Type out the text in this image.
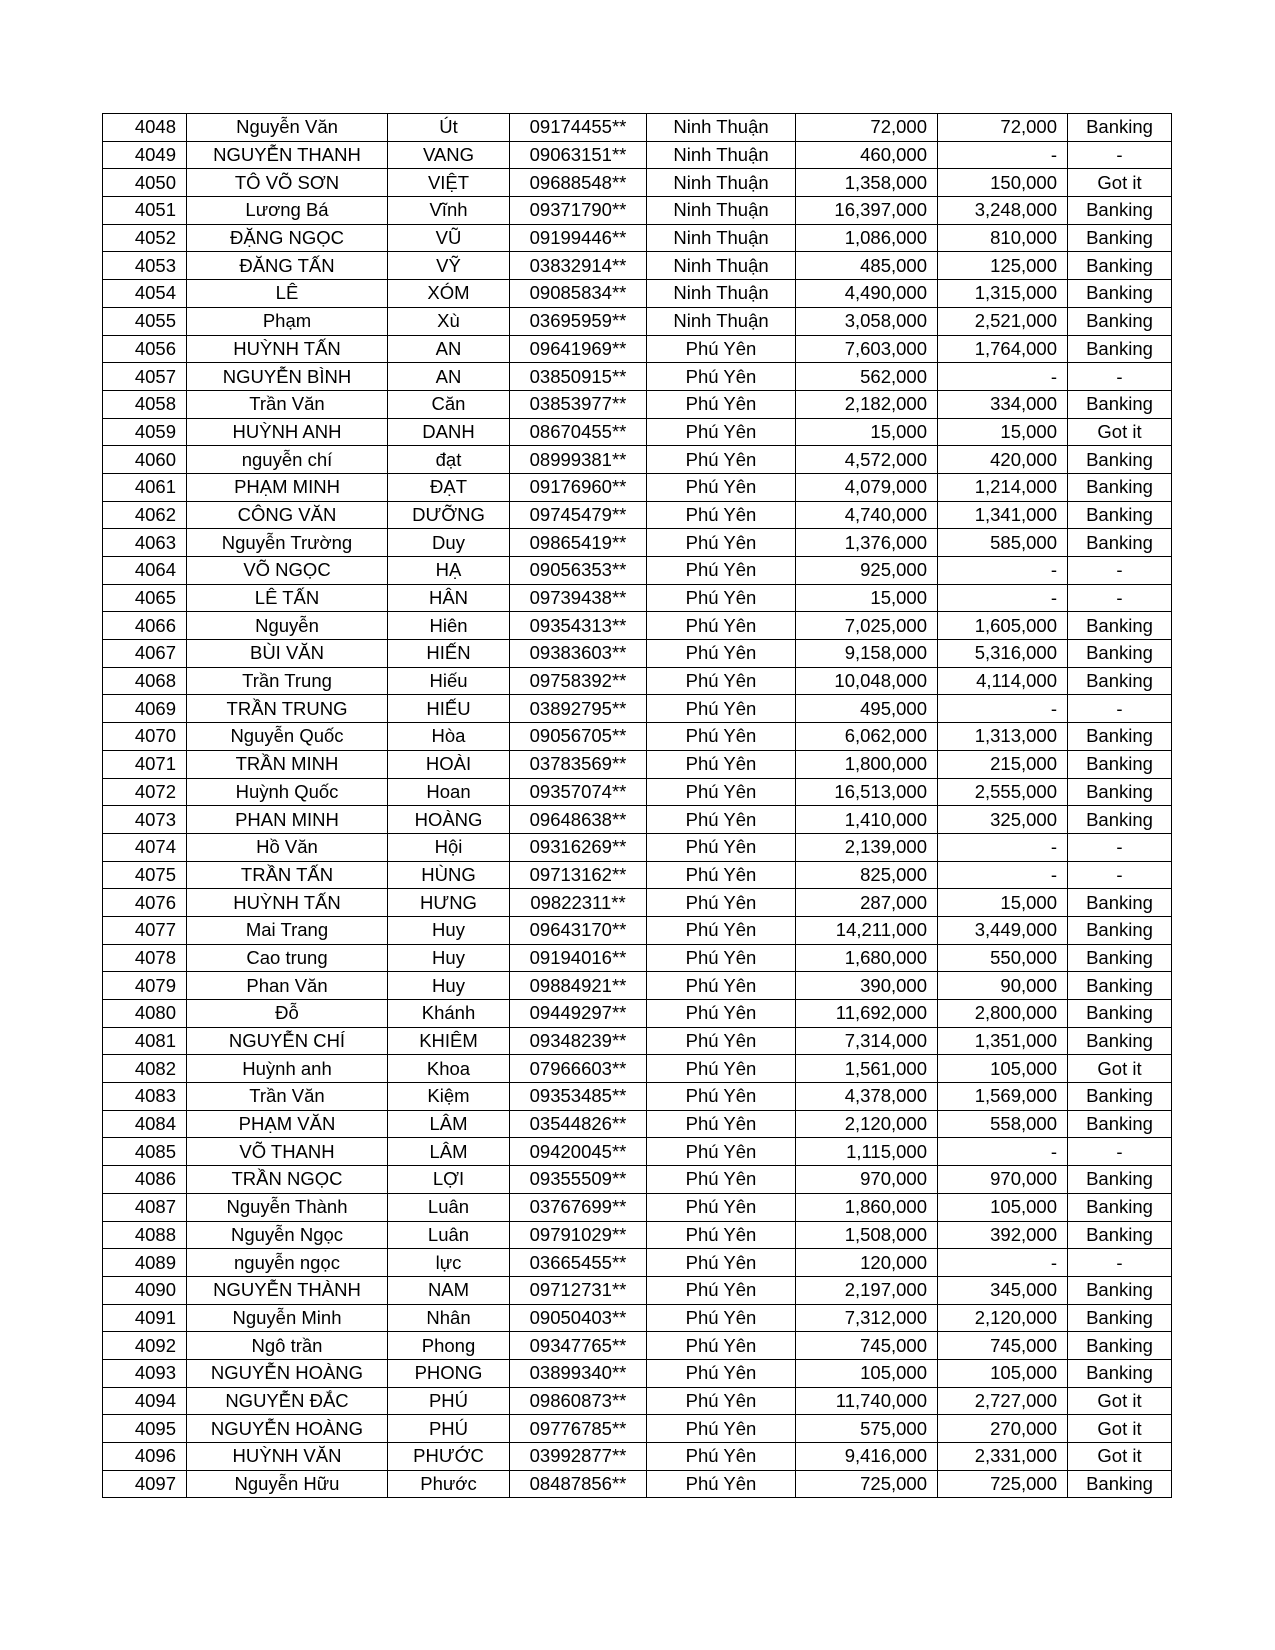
4048	Nguyễn Văn	Út	09174455**	Ninh Thuận	72,000	72,000	Banking
4049	NGUYỄN THANH	VANG	09063151**	Ninh Thuận	460,000	-	-
4050	TÔ VÕ SƠN	VIỆT	09688548**	Ninh Thuận	1,358,000	150,000	Got it
4051	Lương Bá	Vĩnh	09371790**	Ninh Thuận	16,397,000	3,248,000	Banking
4052	ĐẶNG NGỌC	VŨ	09199446**	Ninh Thuận	1,086,000	810,000	Banking
4053	ĐĂNG TẤN	VỸ	03832914**	Ninh Thuận	485,000	125,000	Banking
4054	LÊ	XÓM	09085834**	Ninh Thuận	4,490,000	1,315,000	Banking
4055	Phạm	Xù	03695959**	Ninh Thuận	3,058,000	2,521,000	Banking
4056	HUỲNH TẤN	AN	09641969**	Phú Yên	7,603,000	1,764,000	Banking
4057	NGUYỄN BÌNH	AN	03850915**	Phú Yên	562,000	-	-
4058	Trần Văn	Căn	03853977**	Phú Yên	2,182,000	334,000	Banking
4059	HUỲNH ANH	DANH	08670455**	Phú Yên	15,000	15,000	Got it
4060	nguyễn chí	đạt	08999381**	Phú Yên	4,572,000	420,000	Banking
4061	PHẠM MINH	ĐẠT	09176960**	Phú Yên	4,079,000	1,214,000	Banking
4062	CÔNG VĂN	DƯỠNG	09745479**	Phú Yên	4,740,000	1,341,000	Banking
4063	Nguyễn Trường	Duy	09865419**	Phú Yên	1,376,000	585,000	Banking
4064	VÕ NGỌC	HẠ	09056353**	Phú Yên	925,000	-	-
4065	LÊ TẤN	HÂN	09739438**	Phú Yên	15,000	-	-
4066	Nguyễn	Hiên	09354313**	Phú Yên	7,025,000	1,605,000	Banking
4067	BÙI VĂN	HIẾN	09383603**	Phú Yên	9,158,000	5,316,000	Banking
4068	Trần Trung	Hiếu	09758392**	Phú Yên	10,048,000	4,114,000	Banking
4069	TRẦN TRUNG	HIẾU	03892795**	Phú Yên	495,000	-	-
4070	Nguyễn Quốc	Hòa	09056705**	Phú Yên	6,062,000	1,313,000	Banking
4071	TRẦN MINH	HOÀI	03783569**	Phú Yên	1,800,000	215,000	Banking
4072	Huỳnh Quốc	Hoan	09357074**	Phú Yên	16,513,000	2,555,000	Banking
4073	PHAN MINH	HOÀNG	09648638**	Phú Yên	1,410,000	325,000	Banking
4074	Hồ Văn	Hội	09316269**	Phú Yên	2,139,000	-	-
4075	TRẦN TẤN	HÙNG	09713162**	Phú Yên	825,000	-	-
4076	HUỲNH TẤN	HƯNG	09822311**	Phú Yên	287,000	15,000	Banking
4077	Mai Trang	Huy	09643170**	Phú Yên	14,211,000	3,449,000	Banking
4078	Cao trung	Huy	09194016**	Phú Yên	1,680,000	550,000	Banking
4079	Phan Văn	Huy	09884921**	Phú Yên	390,000	90,000	Banking
4080	Đỗ	Khánh	09449297**	Phú Yên	11,692,000	2,800,000	Banking
4081	NGUYỄN CHÍ	KHIÊM	09348239**	Phú Yên	7,314,000	1,351,000	Banking
4082	Huỳnh anh	Khoa	07966603**	Phú Yên	1,561,000	105,000	Got it
4083	Trần Văn	Kiệm	09353485**	Phú Yên	4,378,000	1,569,000	Banking
4084	PHẠM VĂN	LÂM	03544826**	Phú Yên	2,120,000	558,000	Banking
4085	VÕ THANH	LÂM	09420045**	Phú Yên	1,115,000	-	-
4086	TRẦN NGỌC	LỢI	09355509**	Phú Yên	970,000	970,000	Banking
4087	Nguyễn Thành	Luân	03767699**	Phú Yên	1,860,000	105,000	Banking
4088	Nguyễn Ngọc	Luân	09791029**	Phú Yên	1,508,000	392,000	Banking
4089	nguyễn ngọc	lực	03665455**	Phú Yên	120,000	-	-
4090	NGUYỄN THÀNH	NAM	09712731**	Phú Yên	2,197,000	345,000	Banking
4091	Nguyễn Minh	Nhân	09050403**	Phú Yên	7,312,000	2,120,000	Banking
4092	Ngô trần	Phong	09347765**	Phú Yên	745,000	745,000	Banking
4093	NGUYỄN HOÀNG	PHONG	03899340**	Phú Yên	105,000	105,000	Banking
4094	NGUYỄN ĐẮC	PHÚ	09860873**	Phú Yên	11,740,000	2,727,000	Got it
4095	NGUYỄN HOÀNG	PHÚ	09776785**	Phú Yên	575,000	270,000	Got it
4096	HUỲNH VĂN	PHƯỚC	03992877**	Phú Yên	9,416,000	2,331,000	Got it
4097	Nguyễn Hữu	Phước	08487856**	Phú Yên	725,000	725,000	Banking
